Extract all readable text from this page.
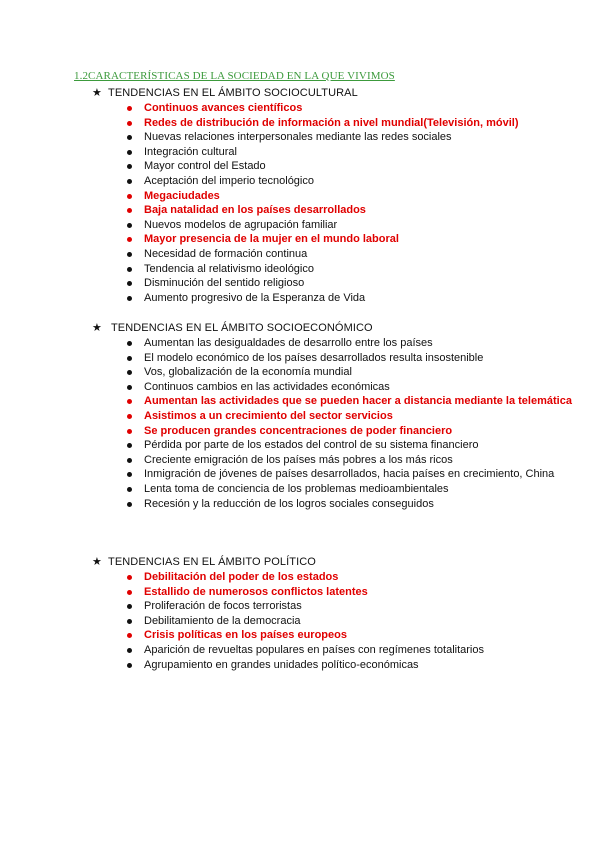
1.2CARACTERÍSTICAS DE LA SOCIEDAD EN LA QUE VIVIMOS
★ TENDENCIAS EN EL ÁMBITO SOCIOCULTURAL
Continuos avances científicos
Redes de distribución de información a nivel mundial(Televisión, móvil)
Nuevas relaciones interpersonales mediante las redes sociales
Integración cultural
Mayor control del Estado
Aceptación del imperio tecnológico
Megaciudades
Baja natalidad en los países desarrollados
Nuevos modelos de agrupación familiar
Mayor presencia de la mujer en el mundo laboral
Necesidad de formación continua
Tendencia al relativismo ideológico
Disminución del sentido religioso
Aumento progresivo de la Esperanza de Vida
★ TENDENCIAS EN EL ÁMBITO SOCIOECONÓMICO
Aumentan las desigualdades de desarrollo entre los países
El modelo económico de los países desarrollados resulta insostenible
Vos, globalización de la economía mundial
Continuos cambios en las actividades económicas
Aumentan las actividades que se pueden hacer a distancia mediante la telemática
Asistimos a un crecimiento del sector servicios
Se producen grandes concentraciones de poder financiero
Pérdida por parte de los estados del control de su sistema financiero
Creciente emigración de los países más pobres a los más ricos
Inmigración de jóvenes de países desarrollados, hacia países en crecimiento, China
Lenta toma de conciencia de los problemas medioambientales
Recesión y la reducción de los logros sociales conseguidos
★ TENDENCIAS EN EL ÁMBITO POLÍTICO
Debilitación del poder de los estados
Estallido de numerosos conflictos latentes
Proliferación de focos terroristas
Debilitamiento de la democracia
Crisis políticas en los países europeos
Aparición de revueltas populares en países con regímenes totalitarios
Agrupamiento en grandes unidades político-económicas
